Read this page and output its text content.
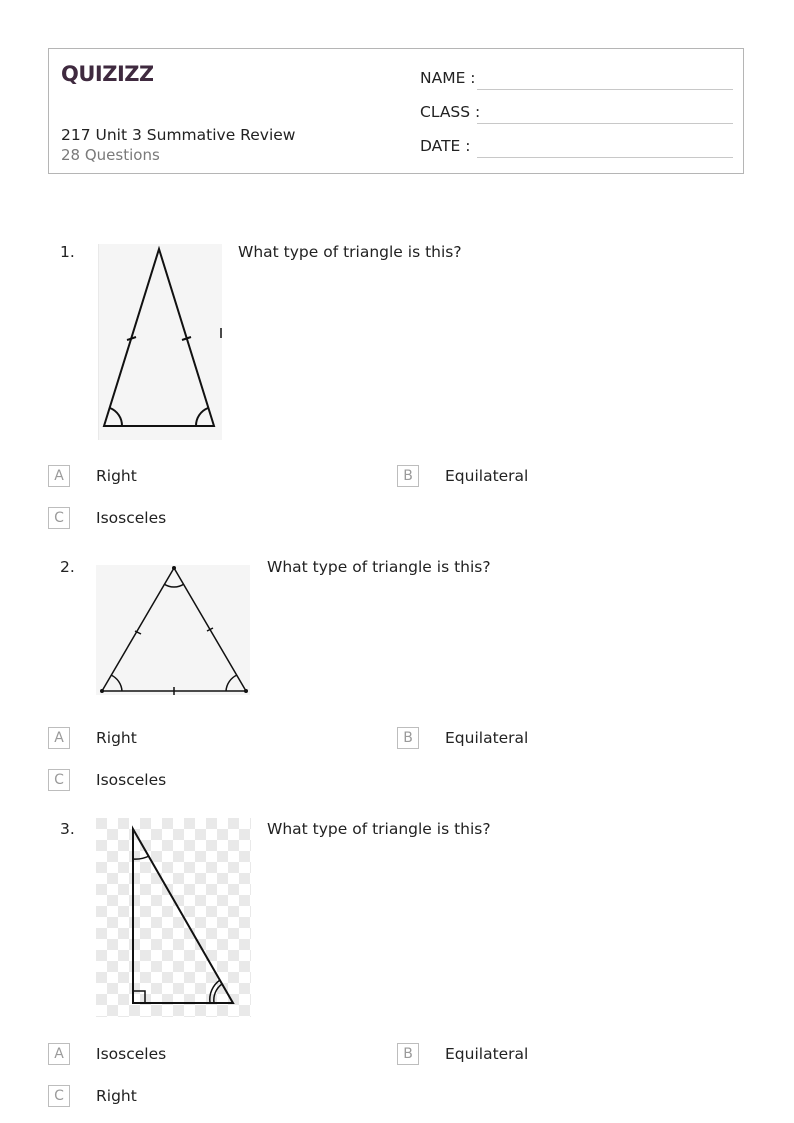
QUIZIZZ
217 Unit 3 Summative Review
28 Questions
NAME :
CLASS :
DATE :
1.	What type of triangle is this?
A	Right	B	Equilateral
C	Isosceles
2.	What type of triangle is this?
A	Right	B	Equilateral
C	Isosceles
3.	What type of triangle is this?
A	Isosceles	B	Equilateral
C	Right
